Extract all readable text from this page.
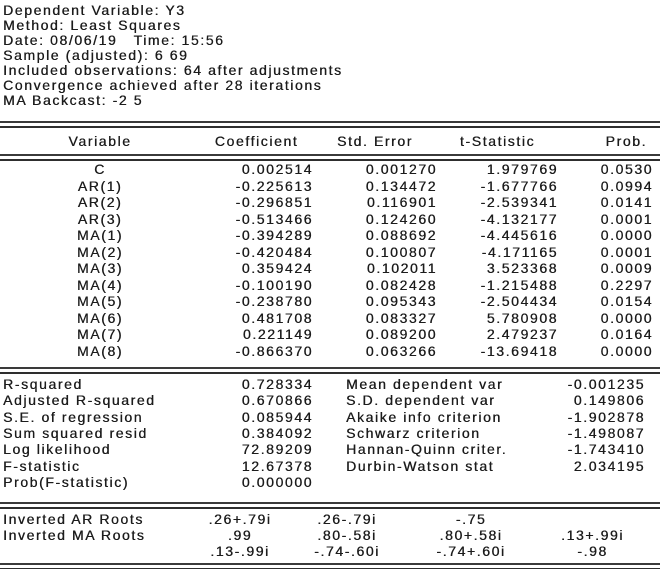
Dependent Variable: Y3
Method: Least Squares
Date: 08/06/19   Time: 15:56
Sample (adjusted): 6 69
Included observations: 64 after adjustments
Convergence achieved after 28 iterations
MA Backcast: -2 5
Variable	Coefficient	Std. Error	t-Statistic	Prob.
C	0.002514	0.001270	1.979769	0.0530
AR(1)	-0.225613	0.134472	-1.677766	0.0994
AR(2)	-0.296851	0.116901	-2.539341	0.0141
AR(3)	-0.513466	0.124260	-4.132177	0.0001
MA(1)	-0.394289	0.088692	-4.445616	0.0000
MA(2)	-0.420484	0.100807	-4.171165	0.0001
MA(3)	0.359424	0.102011	3.523368	0.0009
MA(4)	-0.100190	0.082428	-1.215488	0.2297
MA(5)	-0.238780	0.095343	-2.504434	0.0154
MA(6)	0.481708	0.083327	5.780908	0.0000
MA(7)	0.221149	0.089200	2.479237	0.0164
MA(8)	-0.866370	0.063266	-13.69418	0.0000
R-squared	0.728334	Mean dependent var	-0.001235
Adjusted R-squared	0.670866	S.D. dependent var	0.149806
S.E. of regression	0.085944	Akaike info criterion	-1.902878
Sum squared resid	0.384092	Schwarz criterion	-1.498087
Log likelihood	72.89209	Hannan-Quinn criter.	-1.743410
F-statistic	12.67378	Durbin-Watson stat	2.034195
Prob(F-statistic)	0.000000		
Inverted AR Roots	.26+.79i	.26-.79i	-.75	
Inverted MA Roots	.99	.80-.58i	.80+.58i	.13+.99i
	.13-.99i	-.74-.60i	-.74+.60i	-.98
